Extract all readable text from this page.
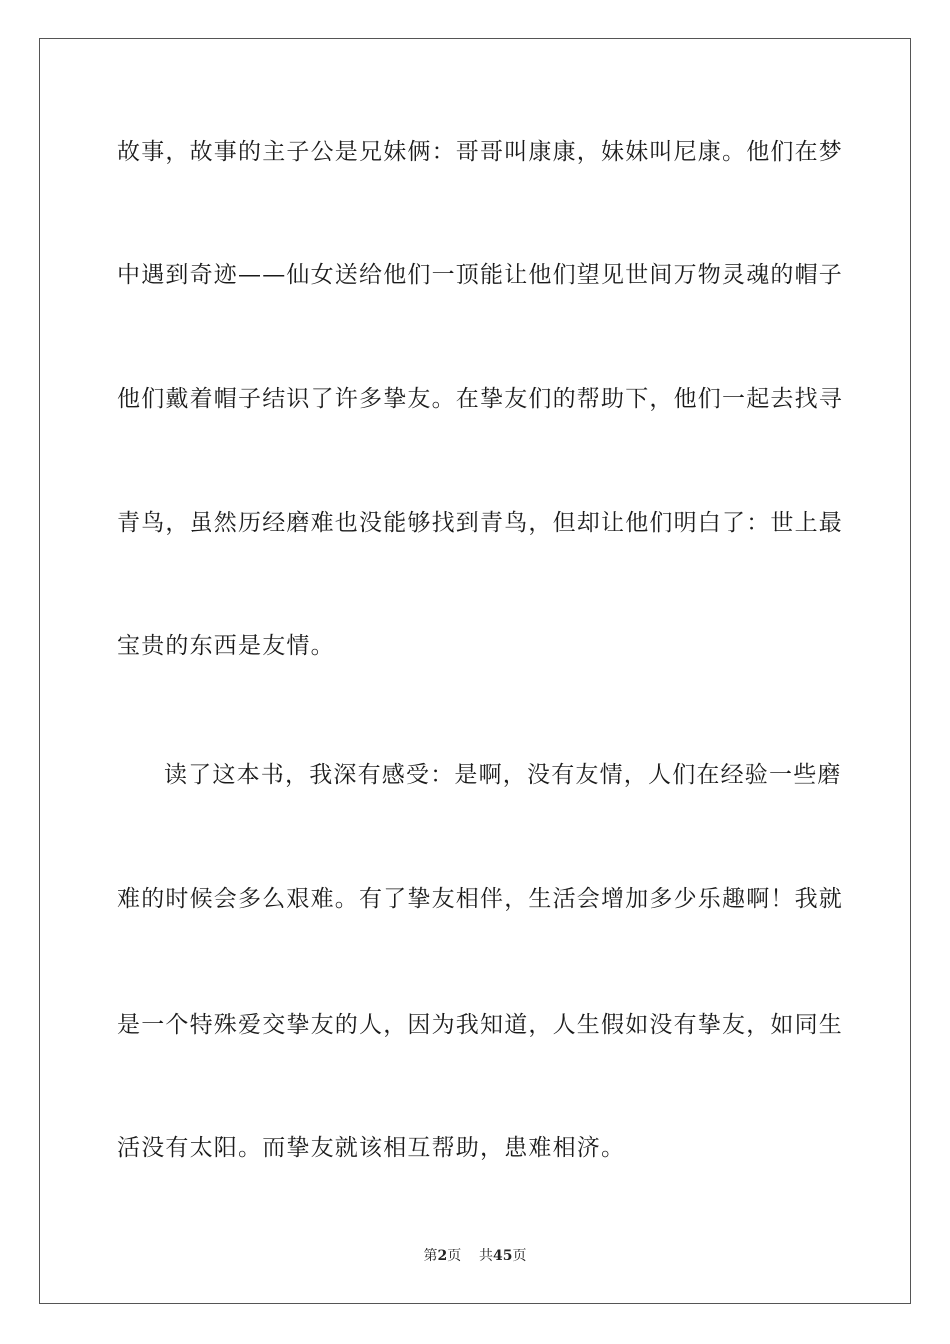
故事，故事的主子公是兄妹俩：哥哥叫康康，妹妹叫尼康。他们在梦
中遇到奇迹——仙女送给他们一顶能让他们望见世间万物灵魂的帽子
他们戴着帽子结识了许多挚友。在挚友们的帮助下，他们一起去找寻
青鸟，虽然历经磨难也没能够找到青鸟，但却让他们明白了：世上最
宝贵的东西是友情。
读了这本书，我深有感受：是啊，没有友情，人们在经验一些磨
难的时候会多么艰难。有了挚友相伴，生活会增加多少乐趣啊！我就
是一个特殊爱交挚友的人，因为我知道，人生假如没有挚友，如同生
活没有太阳。而挚友就该相互帮助，患难相济。
第2页 共45页
